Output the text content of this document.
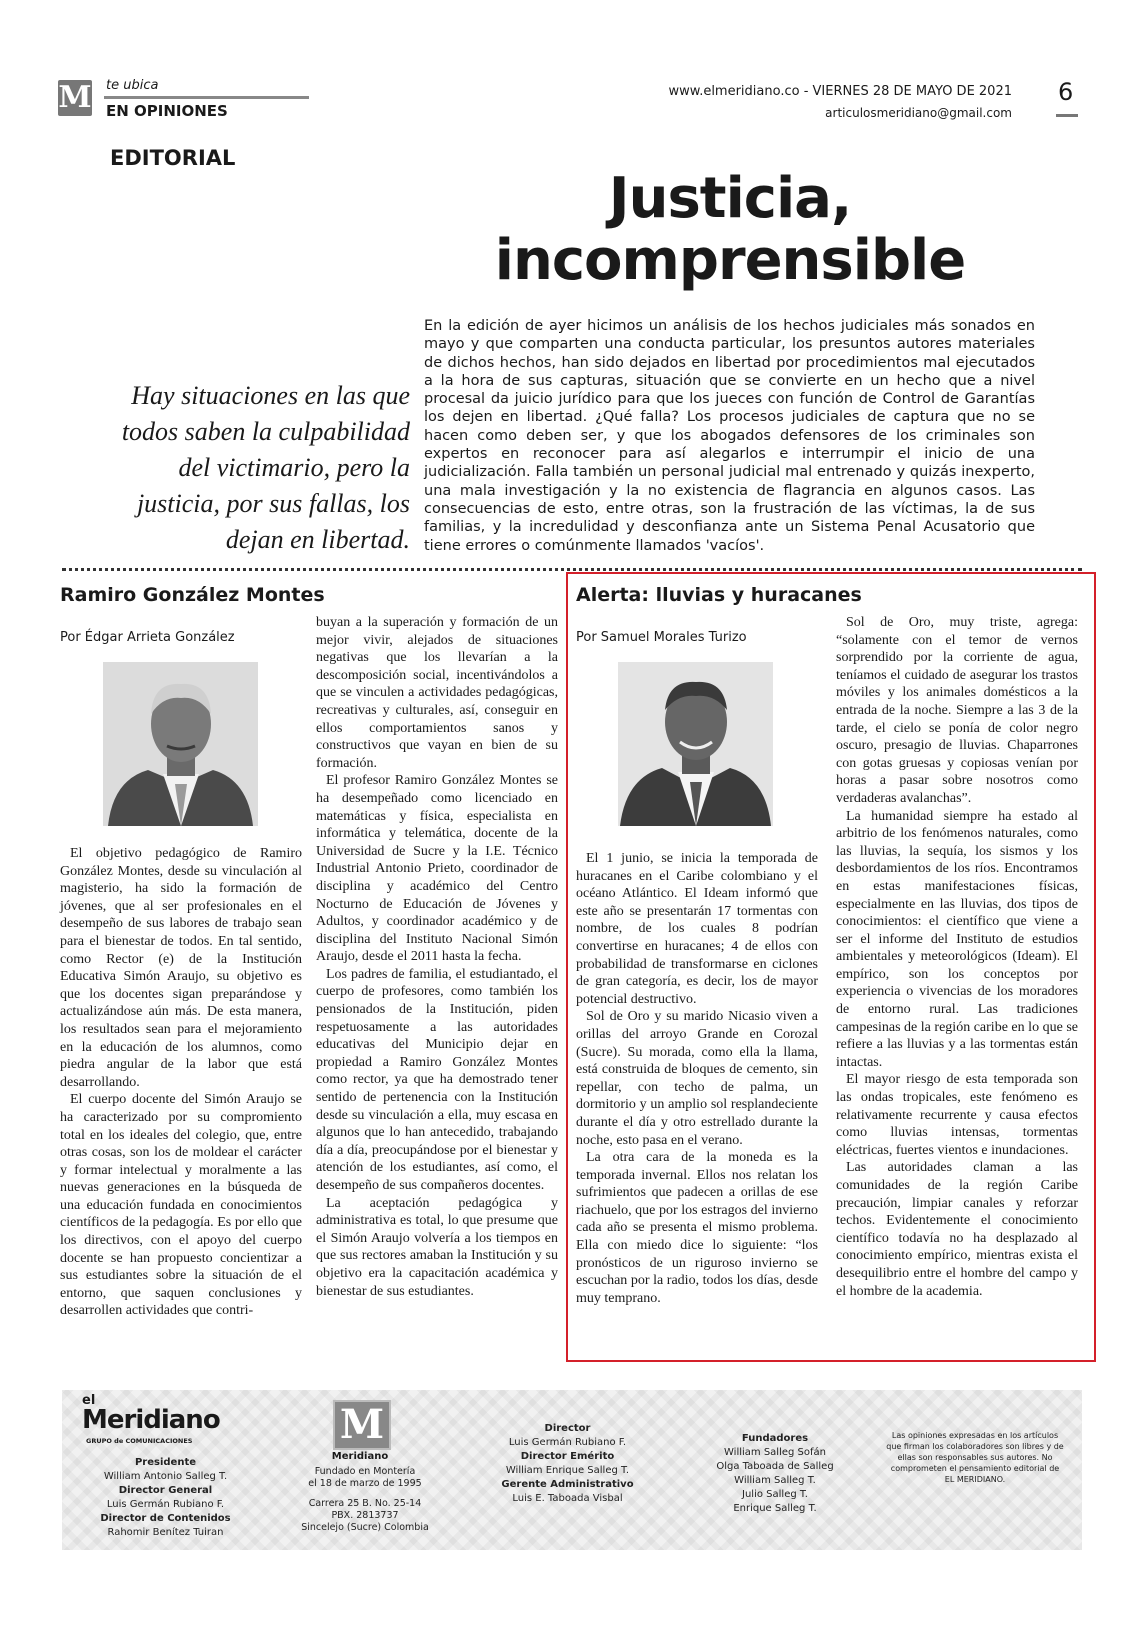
M te ubica
EN OPINIONES
www.elmeridiano.co - VIERNES 28 DE MAYO DE 2021
articulosmeridiano@gmail.com
6
EDITORIAL
Justicia,
incomprensible
Hay situaciones en las que todos saben la culpabilidad del victimario, pero la justicia, por sus fallas, los dejan en libertad.
En la edición de ayer hicimos un análisis de los hechos judiciales más sonados en mayo y que comparten una conducta particular, los presuntos autores materiales de dichos hechos, han sido dejados en libertad por procedimientos mal ejecutados a la hora de sus capturas, situación que se convierte en un hecho que a nivel procesal da juicio jurídico para que los jueces con función de Control de Garantías los dejen en libertad. ¿Qué falla? Los procesos judiciales de captura que no se hacen como deben ser, y que los abogados defensores de los criminales son expertos en reconocer para así alegarlos e interrumpir el inicio de una judicialización. Falla también un personal judicial mal entrenado y quizás inexperto, una mala investigación y la no existencia de flagrancia en algunos casos. Las consecuencias de esto, entre otras, son la frustración de las víctimas, la de sus familias, y la incredulidad y desconfianza ante un Sistema Penal Acusatorio que tiene errores o comúnmente llamados 'vacíos'.
Ramiro González Montes
Por Édgar Arrieta González

El objetivo pedagógico de Ramiro González Montes, desde su vinculación al magisterio, ha sido la formación de jóvenes, que al ser profesionales en el desempeño de sus labores de trabajo sean para el bienestar de todos. En tal sentido, como Rector (e) de la Institución Educativa Simón Araujo, su objetivo es que los docentes sigan preparándose y actualizándose aún más. De esta manera, los resultados sean para el mejoramiento en la educación de los alumnos, como piedra angular de la labor que está desarrollando.

El cuerpo docente del Simón Araujo se ha caracterizado por su compromiento total en los ideales del colegio, que, entre otras cosas, son los de moldear el carácter y formar intelectual y moralmente a las nuevas generaciones en la búsqueda de una educación fundada en conocimientos científicos de la pedagogía. Es por ello que los directivos, con el apoyo del cuerpo docente se han propuesto concientizar a sus estudiantes sobre la situación de el entorno, que saquen conclusiones y desarrollen actividades que contri-

buyan a la superación y formación de un mejor vivir, alejados de situaciones negativas que los llevarían a la descomposición social, incentivándolos a que se vinculen a actividades pedagógicas, recreativas y culturales, así, conseguir en ellos comportamientos sanos y constructivos que vayan en bien de su formación.

El profesor Ramiro González Montes se ha desempeñado como licenciado en matemáticas y física, especialista en informática y telemática, docente de la Universidad de Sucre y la I.E. Técnico Industrial Antonio Prieto, coordinador de disciplina y académico del Centro Nocturno de Educación de Jóvenes y Adultos, y coordinador académico y de disciplina del Instituto Nacional Simón Araujo, desde el 2011 hasta la fecha.

Los padres de familia, el estudiantado, el cuerpo de profesores, como también los pensionados de la Institución, piden respetuosamente a las autoridades educativas del Municipio dejar en propiedad a Ramiro González Montes como rector, ya que ha demostrado tener sentido de pertenencia con la Institución desde su vinculación a ella, muy escasa en algunos que lo han antecedido, trabajando día a día, preocupándose por el bienestar y atención de los estudiantes, así como, el desempeño de sus compañeros docentes.

La aceptación pedagógica y administrativa es total, lo que presume que el Simón Araujo volvería a los tiempos en que sus rectores amaban la Institución y su objetivo era la capacitación académica y bienestar de sus estudiantes.

Alerta: lluvias y huracanes
Por Samuel Morales Turizo

El 1 junio, se inicia la temporada de huracanes en el Caribe colombiano y el océano Atlántico. El Ideam informó que este año se presentarán 17 tormentas con nombre, de los cuales 8 podrían convertirse en huracanes; 4 de ellos con probabilidad de transformarse en ciclones de gran categoría, es decir, los de mayor potencial destructivo.

Sol de Oro y su marido Nicasio viven a orillas del arroyo Grande en Corozal (Sucre). Su morada, como ella la llama, está construida de bloques de cemento, sin repellar, con techo de palma, un dormitorio y un amplio sol resplandeciente durante el día y otro estrellado durante la noche, esto pasa en el verano.

La otra cara de la moneda es la temporada invernal. Ellos nos relatan los sufrimientos que padecen a orillas de ese riachuelo, que por los estragos del invierno cada año se presenta el mismo problema. Ella con miedo dice lo siguiente: “los pronósticos de un riguroso invierno se escuchan por la radio, todos los días, desde muy temprano.

Sol de Oro, muy triste, agrega: “solamente con el temor de vernos sorprendido por la corriente de agua, teníamos el cuidado de asegurar los trastos móviles y los animales domésticos a la entrada de la noche. Siempre a las 3 de la tarde, el cielo se ponía de color negro oscuro, presagio de lluvias. Chaparrones con gotas gruesas y copiosas venían por horas a pasar sobre nosotros como verdaderas avalanchas”.

La humanidad siempre ha estado al arbitrio de los fenómenos naturales, como las lluvias, la sequía, los sismos y los desbordamientos de los ríos. Encontramos en estas manifestaciones físicas, especialmente en las lluvias, dos tipos de conocimientos: el científico que viene a ser el informe del Instituto de estudios ambientales y meteorológicos (Ideam). El empírico, son los conceptos por experiencia o vivencias de los moradores de entorno rural. Las tradiciones campesinas de la región caribe en lo que se refiere a las lluvias y a las tormentas están intactas.

El mayor riesgo de esta temporada son las ondas tropicales, este fenómeno es relativamente recurrente y causa efectos como lluvias intensas, tormentas eléctricas, fuertes vientos e inundaciones.

Las autoridades claman a las comunidades de la región Caribe precaución, limpiar canales y reforzar techos. Evidentemente el conocimiento científico todavía no ha desplazado al conocimiento empírico, mientras exista el desequilibrio entre el hombre del campo y el hombre de la academia.

el
Meridiano
GRUPO de COMUNICACIONES
Presidente
William Antonio Salleg T.
Director General
Luis Germán Rubiano F.
Director de Contenidos
Rahomir Benítez Tuiran
M
Meridiano
Fundado en Montería
el 18 de marzo de 1995
Carrera 25 B. No. 25-14
PBX. 2813737
Sincelejo (Sucre) Colombia
Director
Luis Germán Rubiano F.
Director Emérito
William Enrique Salleg T.
Gerente Administrativo
Luis E. Taboada Visbal
Fundadores
William Salleg Sofán
Olga Taboada de Salleg
William Salleg T.
Julio Salleg T.
Enrique Salleg T.
Las opiniones expresadas en los artículos que firman los colaboradores son libres y de ellas son responsables sus autores. No comprometen el pensamiento editorial de EL MERIDIANO.
